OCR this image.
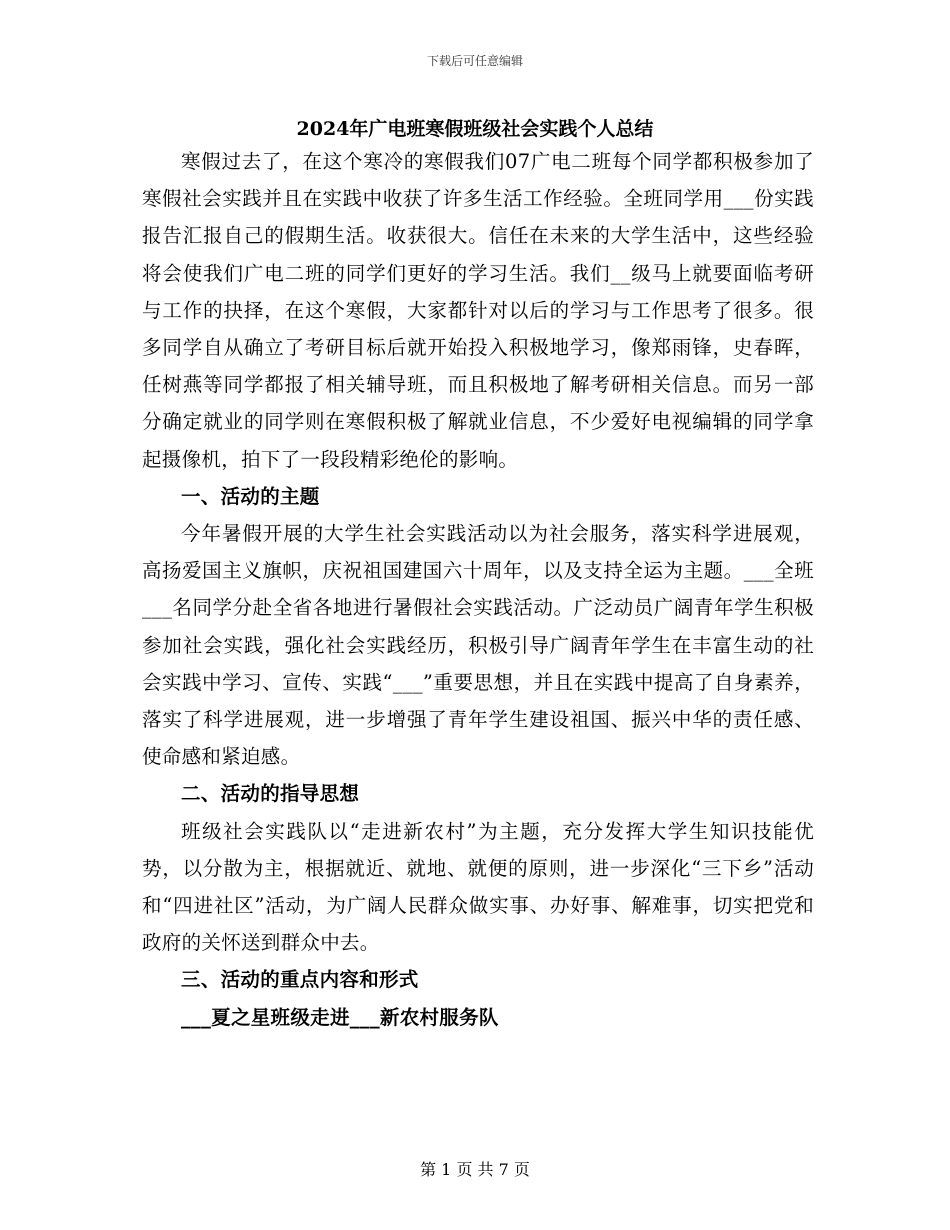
下载后可任意编辑
2024年广电班寒假班级社会实践个人总结

寒假过去了，在这个寒冷的寒假我们07广电二班每个同学都积极参加了寒假社会实践并且在实践中收获了许多生活工作经验。全班同学用___份实践报告汇报自己的假期生活。收获很大。信任在未来的大学生活中，这些经验将会使我们广电二班的同学们更好的学习生活。我们__级马上就要面临考研与工作的抉择，在这个寒假，大家都针对以后的学习与工作思考了很多。很多同学自从确立了考研目标后就开始投入积极地学习，像郑雨锋，史春晖，任树燕等同学都报了相关辅导班，而且积极地了解考研相关信息。而另一部分确定就业的同学则在寒假积极了解就业信息，不少爱好电视编辑的同学拿起摄像机，拍下了一段段精彩绝伦的影响。

一、活动的主题

今年暑假开展的大学生社会实践活动以为社会服务，落实科学进展观，高扬爱国主义旗帜，庆祝祖国建国六十周年，以及支持全运为主题。___全班___名同学分赴全省各地进行暑假社会实践活动。广泛动员广阔青年学生积极参加社会实践，强化社会实践经历，积极引导广阔青年学生在丰富生动的社会实践中学习、宣传、实践“___”重要思想，并且在实践中提高了自身素养，落实了科学进展观，进一步增强了青年学生建设祖国、振兴中华的责任感、使命感和紧迫感。

二、活动的指导思想

班级社会实践队以“走进新农村”为主题，充分发挥大学生知识技能优势，以分散为主，根据就近、就地、就便的原则，进一步深化“三下乡”活动和“四进社区”活动，为广阔人民群众做实事、办好事、解难事，切实把党和政府的关怀送到群众中去。

三、活动的重点内容和形式

___夏之星班级走进___新农村服务队

第 1 页 共 7 页
